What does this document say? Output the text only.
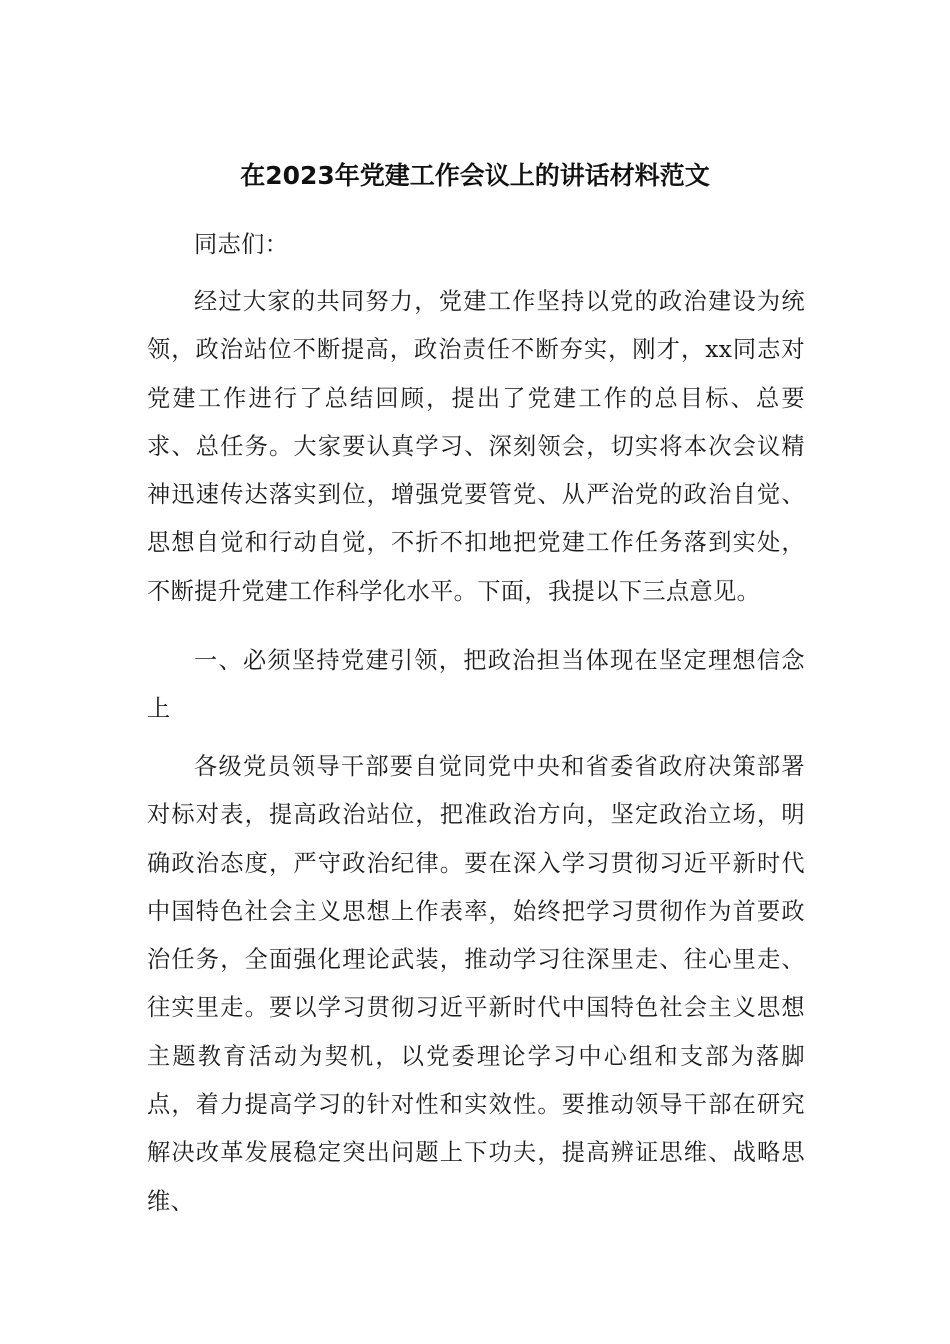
在2023年党建工作会议上的讲话材料范文
同志们：
经过大家的共同努力，党建工作坚持以党的政治建设为统领，政治站位不断提高，政治责任不断夯实，刚才，xx同志对党建工作进行了总结回顾，提出了党建工作的总目标、总要求、总任务。大家要认真学习、深刻领会，切实将本次会议精神迅速传达落实到位，增强党要管党、从严治党的政治自觉、思想自觉和行动自觉，不折不扣地把党建工作任务落到实处，不断提升党建工作科学化水平。下面，我提以下三点意见。
一、必须坚持党建引领，把政治担当体现在坚定理想信念上
各级党员领导干部要自觉同党中央和省委省政府决策部署对标对表，提高政治站位，把准政治方向，坚定政治立场，明确政治态度，严守政治纪律。要在深入学习贯彻习近平新时代中国特色社会主义思想上作表率，始终把学习贯彻作为首要政治任务，全面强化理论武装，推动学习往深里走、往心里走、往实里走。要以学习贯彻习近平新时代中国特色社会主义思想主题教育活动为契机，以党委理论学习中心组和支部为落脚点，着力提高学习的针对性和实效性。要推动领导干部在研究解决改革发展稳定突出问题上下功夫，提高辨证思维、战略思维、
